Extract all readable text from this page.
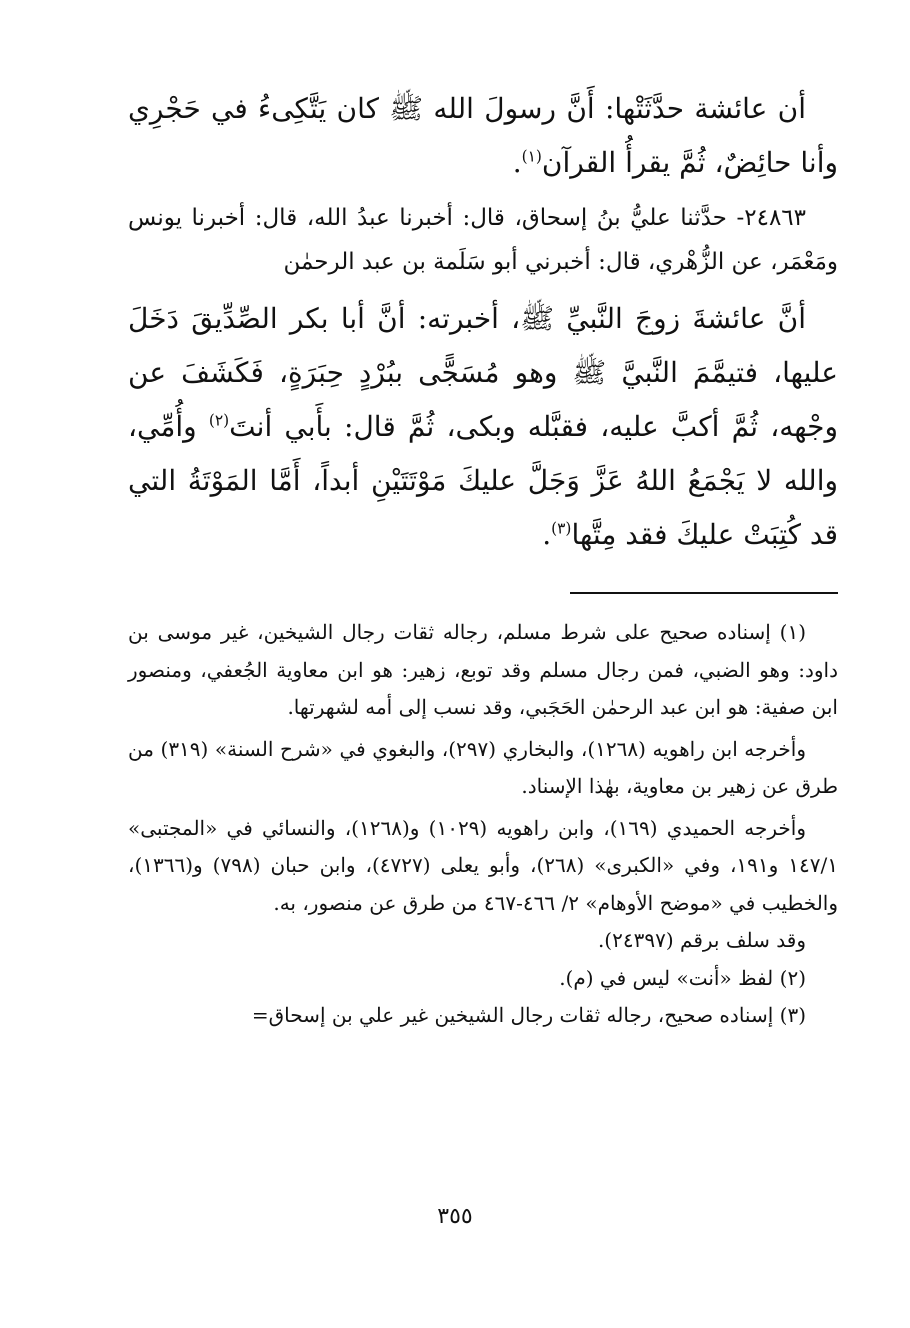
أن عائشة حدَّثَتْها: أَنَّ رسولَ الله ﷺ كان يَتَّكِىءُ في حَجْرِي وأنا حائِضٌ، ثُمَّ يقرأُ القرآن$^{(١)}$.

٢٤٨٦٣- حدَّثنا عليُّ بنُ إسحاق، قال: أخبرنا عبدُ الله، قال: أخبرنا يونس ومَعْمَر، عن الزُّهْري، قال: أخبرني أبو سَلَمة بن عبد الرحمٰن

أنَّ عائشةَ زوجَ النَّبيِّ ﷺ، أخبرته: أنَّ أبا بكر الصِّدِّيقَ دَخَلَ عليها، فتيمَّمَ النَّبيَّ ﷺ وهو مُسَجًّى ببُرْدٍ حِبَرَةٍ، فَكَشَفَ عن وجْهه، ثُمَّ أكبَّ عليه، فقبَّله وبكى، ثُمَّ قال: بأَبي أنتَ$^{(٢)}$ وأُمِّي، والله لا يَجْمَعُ اللهُ عَزَّ وَجَلَّ عليكَ مَوْتَتَيْنِ أبداً، أَمَّا المَوْتَةُ التي قد كُتِبَتْ عليكَ فقد مِتَّها$^{(٣)}$.

(١) إسناده صحيح على شرط مسلم، رجاله ثقات رجال الشيخين، غير موسى بن داود: وهو الضبي، فمن رجال مسلم وقد توبع، زهير: هو ابن معاوية الجُعفي، ومنصور ابن صفية: هو ابن عبد الرحمٰن الحَجَبي، وقد نسب إلى أمه لشهرتها.

وأخرجه ابن راهويه (١٢٦٨)، والبخاري (٢٩٧)، والبغوي في «شرح السنة» (٣١٩) من طرق عن زهير بن معاوية، بهٰذا الإسناد.

وأخرجه الحميدي (١٦٩)، وابن راهويه (١٠٢٩) و(١٢٦٨)، والنسائي في «المجتبى» ١٤٧/١ و١٩١، وفي «الكبرى» (٢٦٨)، وأبو يعلى (٤٧٢٧)، وابن حبان (٧٩٨) و(١٣٦٦)، والخطيب في «موضح الأوهام» ٢/ ٤٦٦-٤٦٧ من طرق عن منصور، به.

وقد سلف برقم (٢٤٣٩٧).

(٢) لفظ «أنت» ليس في (م).

(٣) إسناده صحيح، رجاله ثقات رجال الشيخين غير علي بن إسحاق=

٣٥٥
